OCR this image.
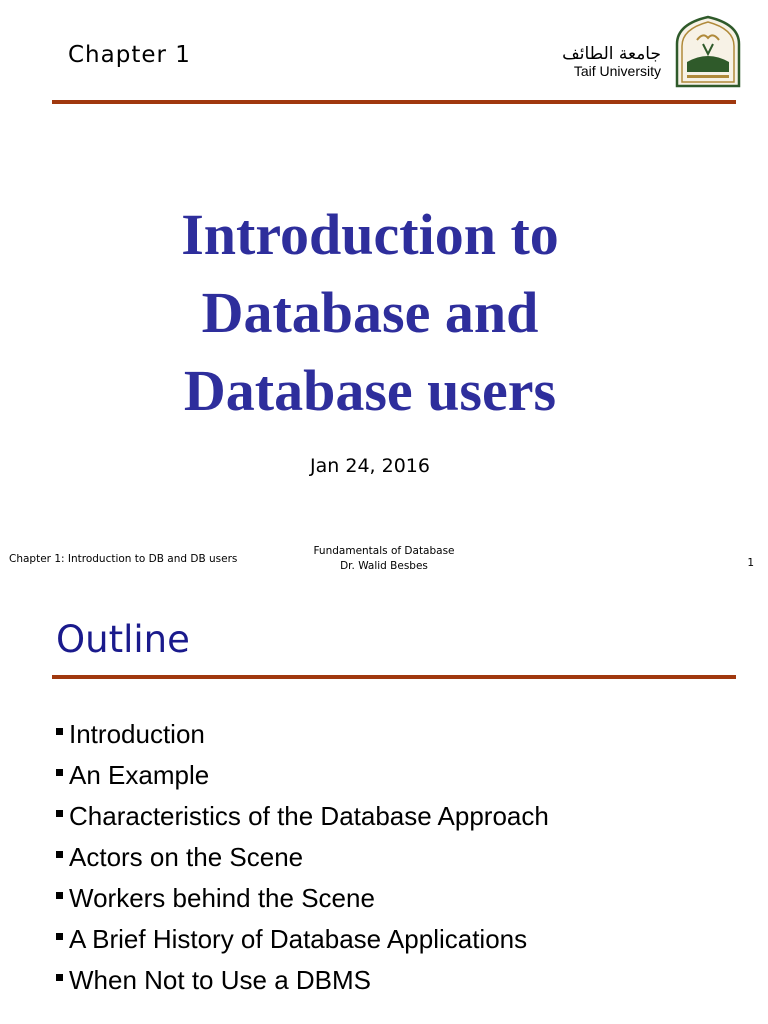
Chapter 1	جامعة الطائف
Taif University
Introduction to
Database and
Database users
Jan 24, 2016
Chapter 1: Introduction to DB and DB users
Fundamentals of Database
Dr. Walid Besbes	1
Outline
Introduction
An Example
Characteristics of the Database Approach
Actors on the Scene
Workers behind the Scene
A Brief History of Database Applications
When Not to Use a DBMS
